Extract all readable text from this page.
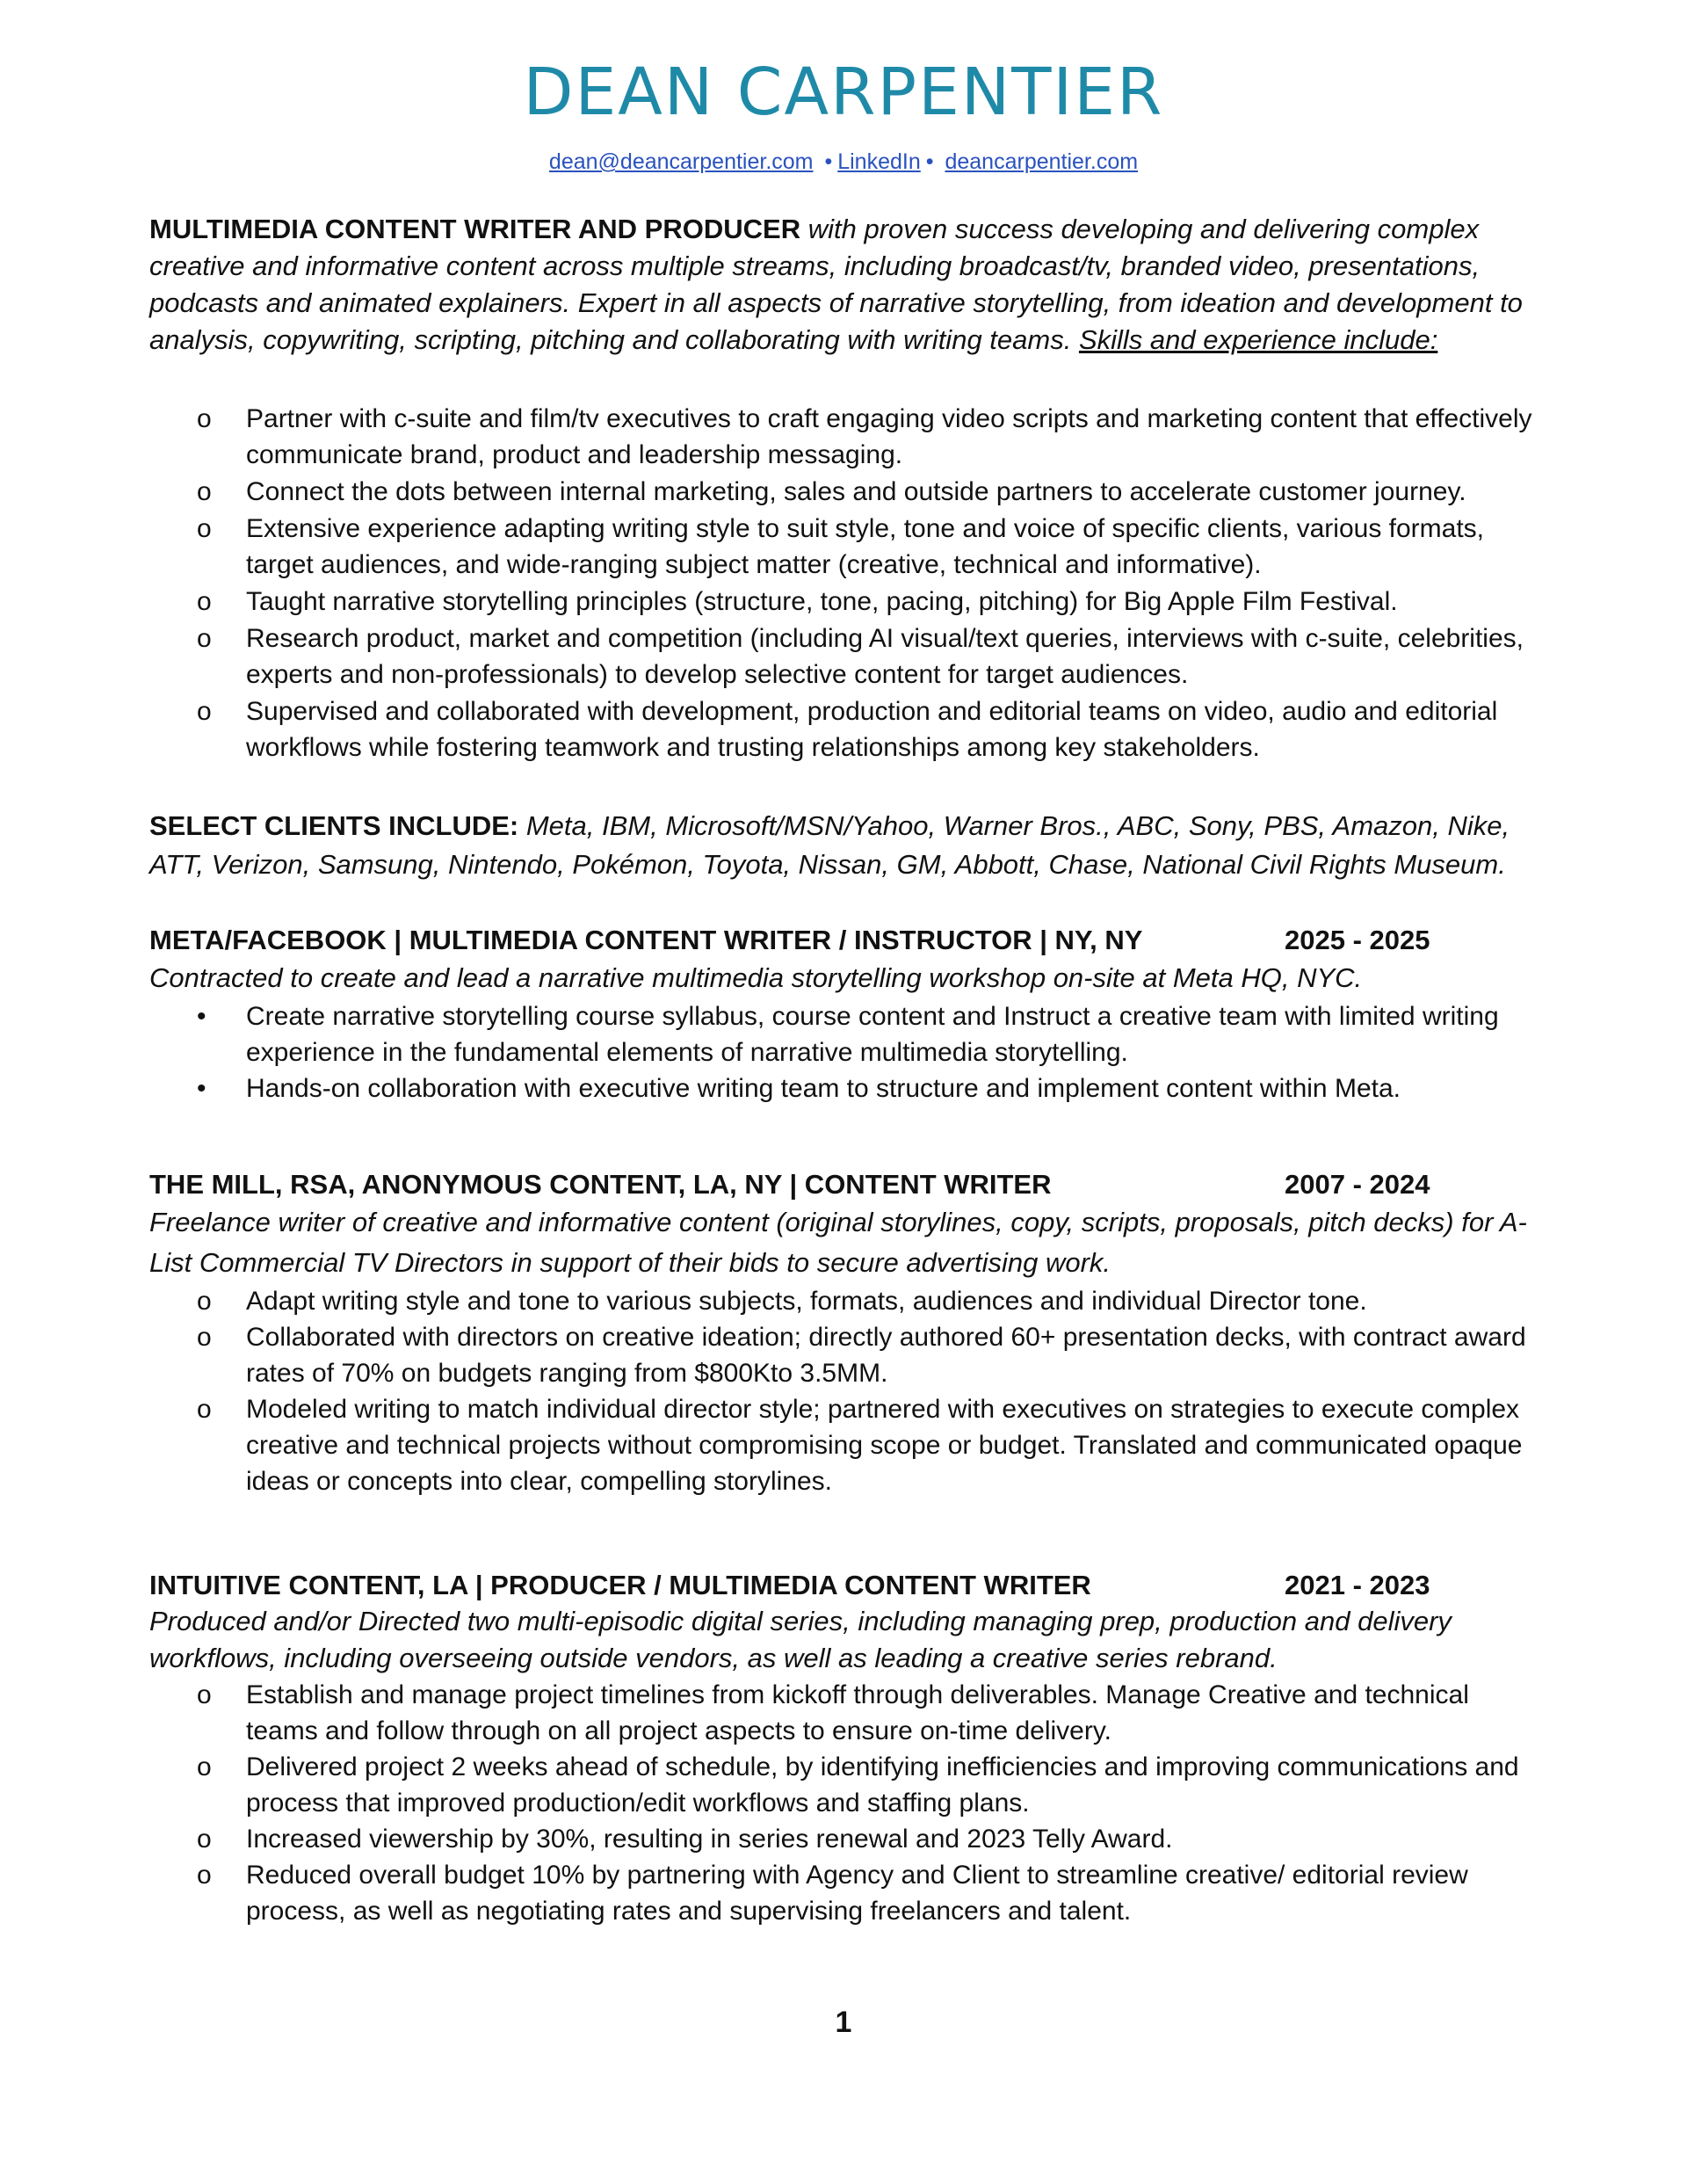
DEAN CARPENTIER
dean@deancarpentier.com • LinkedIn • deancarpentier.com

MULTIMEDIA CONTENT WRITER AND PRODUCER with proven success developing and delivering complex creative and informative content across multiple streams, including broadcast/tv, branded video, presentations, podcasts and animated explainers. Expert in all aspects of narrative storytelling, from ideation and development to analysis, copywriting, scripting, pitching and collaborating with writing teams. Skills and experience include:

o	Partner with c-suite and film/tv executives to craft engaging video scripts and marketing content that effectively communicate brand, product and leadership messaging.
o	Connect the dots between internal marketing, sales and outside partners to accelerate customer journey.
o	Extensive experience adapting writing style to suit style, tone and voice of specific clients, various formats, target audiences, and wide-ranging subject matter (creative, technical and informative).
o	Taught narrative storytelling principles (structure, tone, pacing, pitching) for Big Apple Film Festival.
o	Research product, market and competition (including AI visual/text queries, interviews with c-suite, celebrities, experts and non-professionals) to develop selective content for target audiences.
o	Supervised and collaborated with development, production and editorial teams on video, audio and editorial workflows while fostering teamwork and trusting relationships among key stakeholders.

SELECT CLIENTS INCLUDE: Meta, IBM, Microsoft/MSN/Yahoo, Warner Bros., ABC, Sony, PBS, Amazon, Nike, ATT, Verizon, Samsung, Nintendo, Pokémon, Toyota, Nissan, GM, Abbott, Chase, National Civil Rights Museum.

META/FACEBOOK | MULTIMEDIA CONTENT WRITER / INSTRUCTOR | NY, NY	2025 - 2025

Contracted to create and lead a narrative multimedia storytelling workshop on-site at Meta HQ, NYC.

•	Create narrative storytelling course syllabus, course content and Instruct a creative team with limited writing experience in the fundamental elements of narrative multimedia storytelling.
•	Hands-on collaboration with executive writing team to structure and implement content within Meta.
THE MILL, RSA, ANONYMOUS CONTENT, LA, NY | CONTENT WRITER	2007 - 2024

Freelance writer of creative and informative content (original storylines, copy, scripts, proposals, pitch decks) for A-List Commercial TV Directors in support of their bids to secure advertising work.

o	Adapt writing style and tone to various subjects, formats, audiences and individual Director tone.
o	Collaborated with directors on creative ideation; directly authored 60+ presentation decks, with contract award rates of 70% on budgets ranging from $800Kto 3.5MM.
o	Modeled writing to match individual director style; partnered with executives on strategies to execute complex creative and technical projects without compromising scope or budget. Translated and communicated opaque ideas or concepts into clear, compelling storylines.
INTUITIVE CONTENT, LA | PRODUCER / MULTIMEDIA CONTENT WRITER	2021 - 2023

Produced and/or Directed two multi-episodic digital series, including managing prep, production and delivery workflows, including overseeing outside vendors, as well as leading a creative series rebrand.

o	Establish and manage project timelines from kickoff through deliverables. Manage Creative and technical teams and follow through on all project aspects to ensure on-time delivery.
o	Delivered project 2 weeks ahead of schedule, by identifying inefficiencies and improving communications and process that improved production/edit workflows and staffing plans.
o	Increased viewership by 30%, resulting in series renewal and 2023 Telly Award.
o	Reduced overall budget 10% by partnering with Agency and Client to streamline creative/ editorial review process, as well as negotiating rates and supervising freelancers and talent.
1
